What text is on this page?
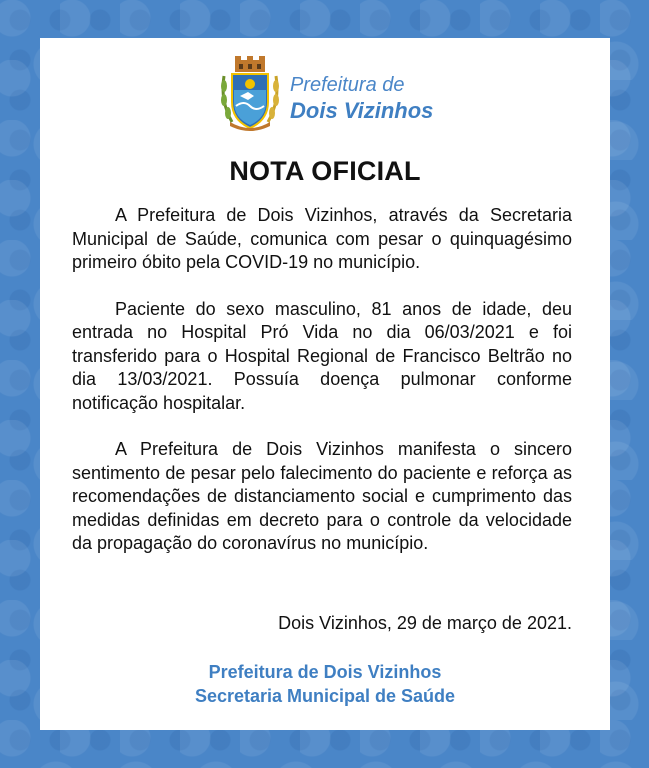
Prefeitura de
Dois Vizinhos
NOTA OFICIAL

A Prefeitura de Dois Vizinhos, através da Secretaria Municipal de Saúde, comunica com pesar o quinquagésimo primeiro óbito pela COVID-19 no município.

Paciente do sexo masculino, 81 anos de idade, deu entrada no Hospital Pró Vida no dia 06/03/2021 e foi transferido para o Hospital Regional de Francisco Beltrão no dia 13/03/2021. Possuía doença pulmonar conforme notificação hospitalar.

A Prefeitura de Dois Vizinhos manifesta o sincero sentimento de pesar pelo falecimento do paciente e reforça as recomendações de distanciamento social e cumprimento das medidas definidas em decreto para o controle da velocidade da propagação do coronavírus no município.

Dois Vizinhos, 29 de março de 2021.
Prefeitura de Dois Vizinhos
Secretaria Municipal de Saúde
